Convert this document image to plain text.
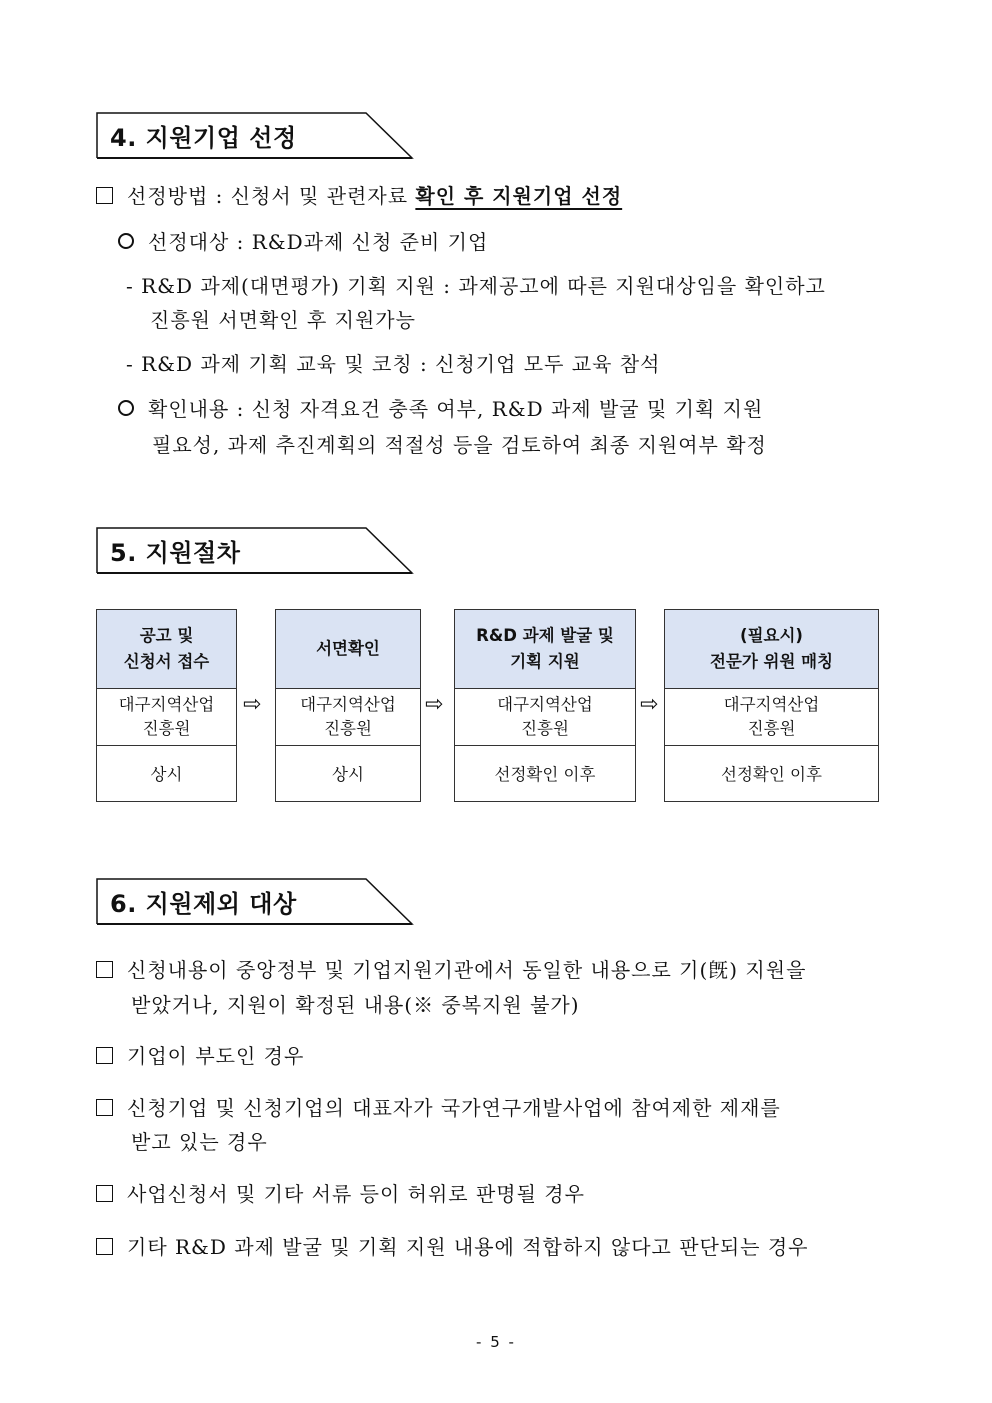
4. 지원기업 선정
선정방법 : 신청서 및 관련자료 확인 후 지원기업 선정
선정대상 : R&D과제 신청 준비 기업
- R&D 과제(대면평가) 기획 지원 : 과제공고에 따른 지원대상임을 확인하고
진흥원 서면확인 후 지원가능
- R&D 과제 기획 교육 및 코칭 : 신청기업 모두 교육 참석
확인내용 : 신청 자격요건 충족 여부, R&D 과제 발굴 및 기획 지원
필요성, 과제 추진계획의 적절성 등을 검토하여 최종 지원여부 확정
5. 지원절차
공고 및
신청서 접수
대구지역산업
진흥원
상시
⇨
서면확인
대구지역산업
진흥원
상시
⇨
R&D 과제 발굴 및
기획 지원
대구지역산업
진흥원
선정확인 이후
⇨
(필요시)
전문가 위원 매칭
대구지역산업
진흥원
선정확인 이후
6. 지원제외 대상
신청내용이 중앙정부 및 기업지원기관에서 동일한 내용으로 기(旣) 지원을
받았거나, 지원이 확정된 내용(※ 중복지원 불가)
기업이 부도인 경우
신청기업 및 신청기업의 대표자가 국가연구개발사업에 참여제한 제재를
받고 있는 경우
사업신청서 및 기타 서류 등이 허위로 판명될 경우
기타 R&D 과제 발굴 및 기획 지원 내용에 적합하지 않다고 판단되는 경우
- 5 -
